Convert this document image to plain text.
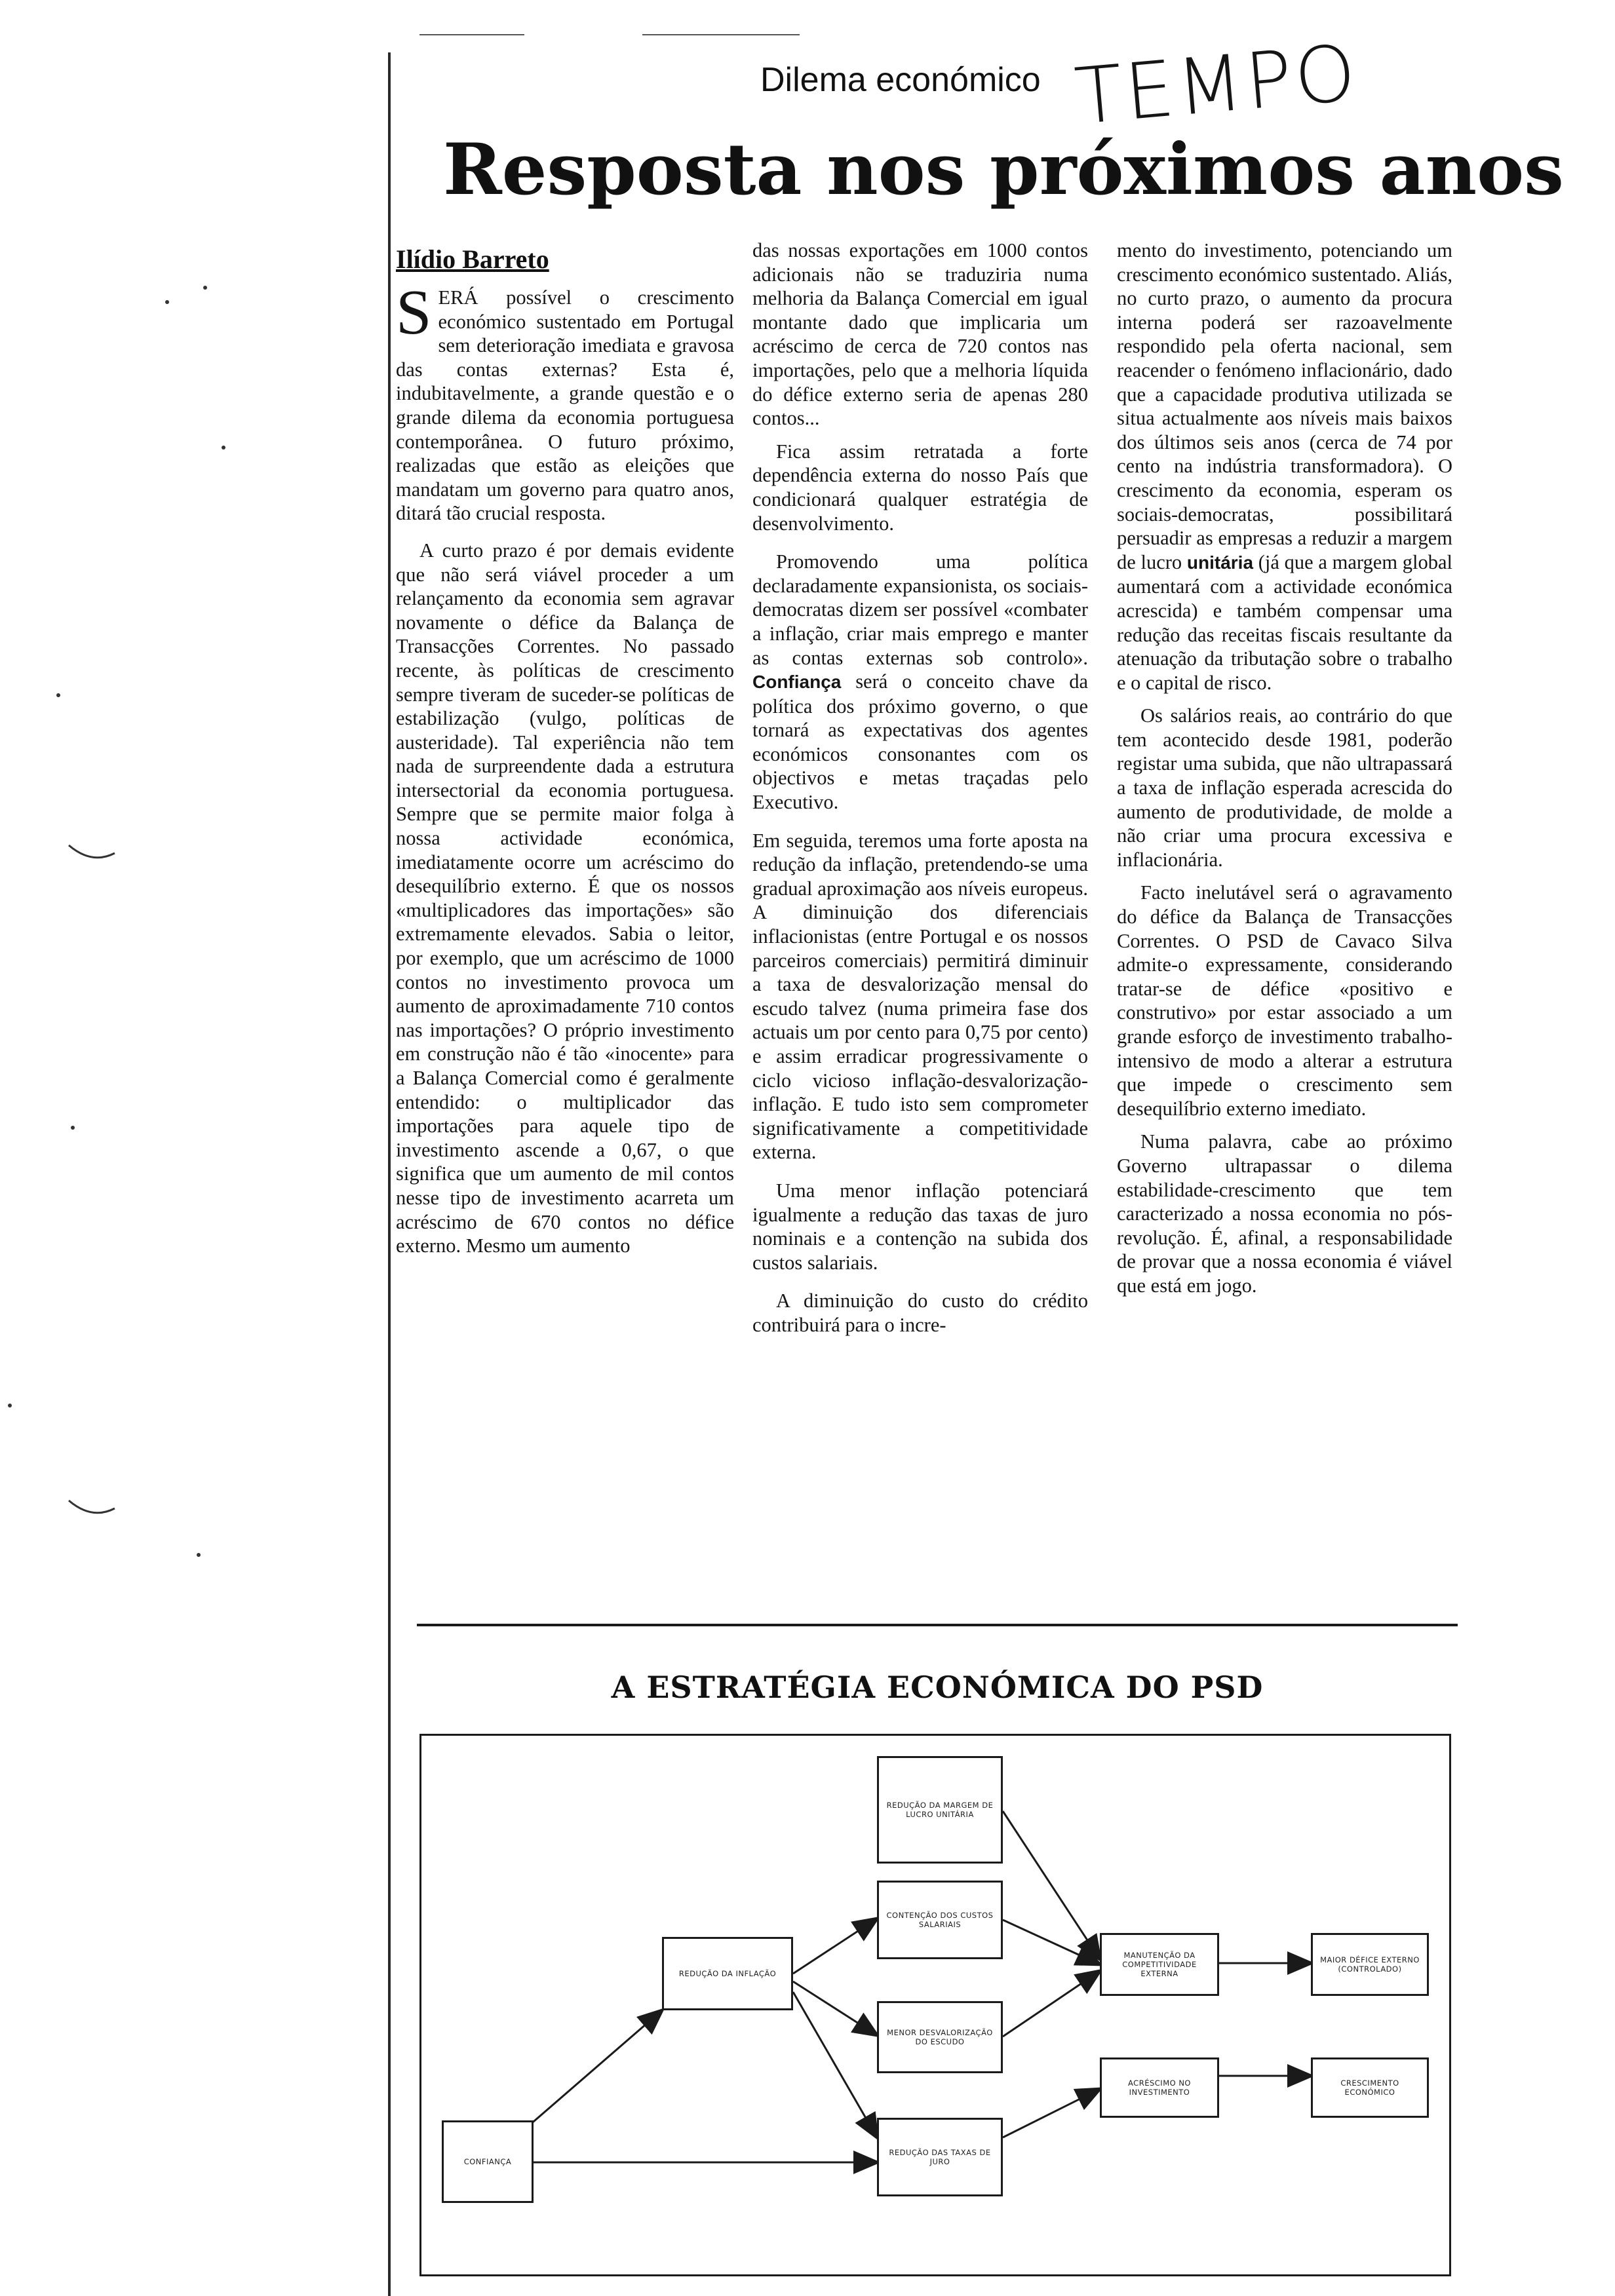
Dilema económico TEMPO
Resposta nos próximos anos
Ilídio Barreto

SERÁ possível o crescimento económico sustentado em Portugal sem deterioração imediata e gravosa das contas externas? Esta é, indubitavelmente, a grande questão e o grande dilema da economia portuguesa contemporânea. O futuro próximo, realizadas que estão as eleições que mandatam um governo para quatro anos, ditará tão crucial resposta.

A curto prazo é por demais evidente que não será viável proceder a um relançamento da economia sem agravar novamente o défice da Balança de Transacções Correntes. No passado recente, às políticas de crescimento sempre tiveram de suceder-se políticas de estabilização (vulgo, políticas de austeridade). Tal experiência não tem nada de surpreendente dada a estrutura intersectorial da economia portuguesa. Sempre que se permite maior folga à nossa actividade económica, imediatamente ocorre um acréscimo do desequilíbrio externo. É que os nossos «multiplicadores das importações» são extremamente elevados. Sabia o leitor, por exemplo, que um acréscimo de 1000 contos no investimento provoca um aumento de aproximadamente 710 contos nas importações? O próprio investimento em construção não é tão «inocente» para a Balança Comercial como é geralmente entendido: o multiplicador das importações para aquele tipo de investimento ascende a 0,67, o que significa que um aumento de mil contos nesse tipo de investimento acarreta um acréscimo de 670 contos no défice externo. Mesmo um aumento

das nossas exportações em 1000 contos adicionais não se traduziria numa melhoria da Balança Comercial em igual montante dado que implicaria um acréscimo de cerca de 720 contos nas importações, pelo que a melhoria líquida do défice externo seria de apenas 280 contos...

Fica assim retratada a forte dependência externa do nosso País que condicionará qualquer estratégia de desenvolvimento.

Promovendo uma política declaradamente expansionista, os sociais-democratas dizem ser possível «combater a inflação, criar mais emprego e manter as contas externas sob controlo». Confiança será o conceito chave da política dos próximo governo, o que tornará as expectativas dos agentes económicos consonantes com os objectivos e metas traçadas pelo Executivo.

Em seguida, teremos uma forte aposta na redução da inflação, pretendendo-se uma gradual aproximação aos níveis europeus. A diminuição dos diferenciais inflacionistas (entre Portugal e os nossos parceiros comerciais) permitirá diminuir a taxa de desvalorização mensal do escudo talvez (numa primeira fase dos actuais um por cento para 0,75 por cento) e assim erradicar progressivamente o ciclo vicioso inflação-desvalorização-inflação. E tudo isto sem comprometer significativamente a competitividade externa.

Uma menor inflação potenciará igualmente a redução das taxas de juro nominais e a contenção na subida dos custos salariais.

A diminuição do custo do crédito contribuirá para o incre-

mento do investimento, potenciando um crescimento económico sustentado. Aliás, no curto prazo, o aumento da procura interna poderá ser razoavelmente respondido pela oferta nacional, sem reacender o fenómeno inflacionário, dado que a capacidade produtiva utilizada se situa actualmente aos níveis mais baixos dos últimos seis anos (cerca de 74 por cento na indústria transformadora). O crescimento da economia, esperam os sociais-democratas, possibilitará persuadir as empresas a reduzir a margem de lucro unitária (já que a margem global aumentará com a actividade económica acrescida) e também compensar uma redução das receitas fiscais resultante da atenuação da tributação sobre o trabalho e o capital de risco.

Os salários reais, ao contrário do que tem acontecido desde 1981, poderão registar uma subida, que não ultrapassará a taxa de inflação esperada acrescida do aumento de produtividade, de molde a não criar uma procura excessiva e inflacionária.

Facto inelutável será o agravamento do défice da Balança de Transacções Correntes. O PSD de Cavaco Silva admite-o expressamente, considerando tratar-se de défice «positivo e construtivo» por estar associado a um grande esforço de investimento trabalho-intensivo de modo a alterar a estrutura que impede o crescimento sem desequilíbrio externo imediato.

Numa palavra, cabe ao próximo Governo ultrapassar o dilema estabilidade-crescimento que tem caracterizado a nossa economia no pós-revolução. É, afinal, a responsabilidade de provar que a nossa economia é viável que está em jogo.

A ESTRATÉGIA ECONÓMICA DO PSD
CONFIANÇA
REDUÇÃO DA INFLAÇÃO
REDUÇÃO DA MARGEM DE LUCRO UNITÁRIA
CONTENÇÃO DOS CUSTOS SALARIAIS
MENOR DESVALORIZAÇÃO DO ESCUDO
REDUÇÃO DAS TAXAS DE JURO
MANUTENÇÃO DA COMPETITIVIDADE EXTERNA
ACRÉSCIMO NO INVESTIMENTO
MAIOR DÉFICE EXTERNO (CONTROLADO)
CRESCIMENTO ECONÓMICO
